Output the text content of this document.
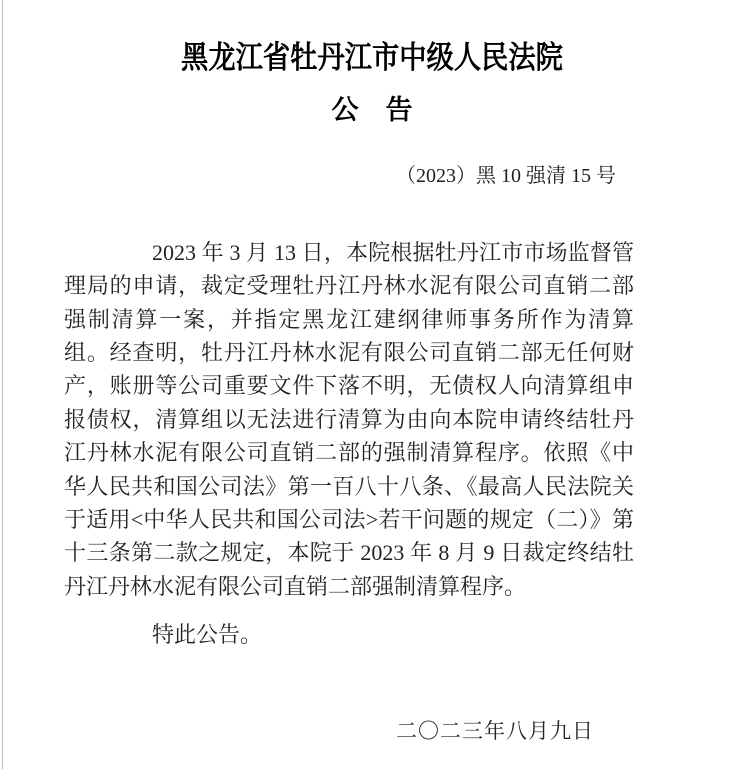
黑龙江省牡丹江市中级人民法院
公　告
（2023）黑 10 强清 15 号
2023 年 3 月 13 日，本院根据牡丹江市市场监督管理局的申请，裁定受理牡丹江丹林水泥有限公司直销二部强制清算一案，并指定黑龙江建纲律师事务所作为清算组。经查明，牡丹江丹林水泥有限公司直销二部无任何财产，账册等公司重要文件下落不明，无债权人向清算组申报债权，清算组以无法进行清算为由向本院申请终结牡丹江丹林水泥有限公司直销二部的强制清算程序。依照《中华人民共和国公司法》第一百八十八条、《最高人民法院关于适用<中华人民共和国公司法>若干问题的规定（二）》第十三条第二款之规定，本院于 2023 年 8 月 9 日裁定终结牡丹江丹林水泥有限公司直销二部强制清算程序。
特此公告。
二〇二三年八月九日
